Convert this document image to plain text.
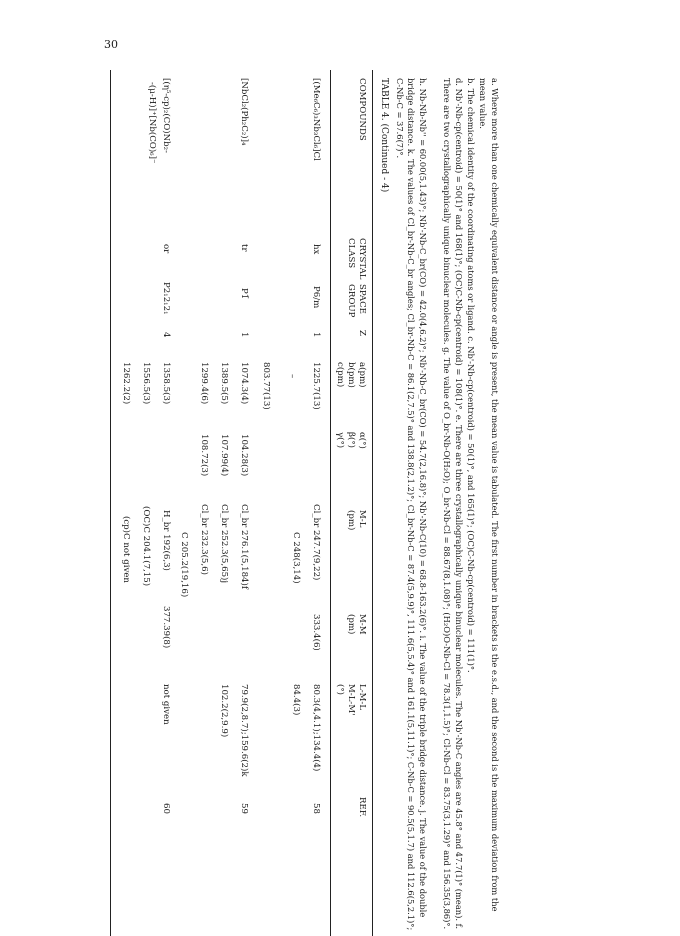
30
TABLE 4. (Continued - 4)
COMPOUNDS
CRYSTAL
CLASS
SPACE
GROUP
Z
a(pm)
b(pm)
c(pm)
α(°)
β(°)
γ(°)
M-L
(pm)
M-M
(pm)
L-M-L
M-L-M'
(°)
REF.
[(Me₆C₆)₃Nb₃Cl₆]Cl
hx
P6/m
1
1225.7(13)
–
803.77(13)
Cl_br 247.7(9,22)
C 248(3,14)
333.4(6)
80.3(4,4.1);134.4(4)
84.4(3)
58
[NbCl₂(Ph₂C₂)]₄
tr
P1̄
1
1074.3(4)
1389.5(5)
1299.4(6)
104.28(3)
107.99(4)
108.72(3)
Cl_br 276.1(5,184)f
Cl_br 252.3(5,65)j
Cl_br 232.3(5,6)
C 205.2(19,16)
79.9(2,8.7);159.6(2)k
102.2(2,9.9)
59
[(η⁵-cp)₂(CO)Nb₂-
-(μ-H)]⁺[Nb(CO)₆]⁻
or
P2₁2₁2₁
4
1358.5(3)
1556.5(3)
1262.2(2)
H_br 192(6,3)
(OC)C 204.1(7,15)
(cp)C not given
377.39(8)
not given
60	a. Where more than one chemically equivalent distance or angle is present, the mean value is tabulated. The first number in brackets is the e.s.d., and the second is the maximum deviation from the mean value.
b. The chemical identity of the coordinating atoms or ligand. c. Nb'-Nb-cp(centroid) = 50(1)°, and 165(1)°; (OC)C-Nb-cp(centroid) = 111(1)°.
d. Nb'-Nb-cp(centroid) = 50(1)° and 168(1)°; (OC)C-Nb-cp(centroid) = 108(1)°. e. There are three crystallographically unique binuclear molecules. The Nb'-Nb-C angles are 45.8° and 47.7(1)° (mean). f. There are two crystallographically unique binuclear molecules. g. The value of O_br-Nb-O(H₂O); O_br-Nb-Cl = 88.67(8,1.08)°; (H₂O)O-Nb-Cl = 78.3(1,1.5)°; Cl-Nb-Cl = 83.75(3,1.29)° and 156.35(3,86)°.
h. Nb-Nb-Nb'' = 60.00(5,1.43)°; Nb'-Nb-C_br(CO) = 42.0(4,6.2)°; Nb'-Nb-C_br(CO) = 54.7(2,16.8)°; Nb'-Nb-C(10) = 68.8-163.2(6)°. i. The value of the triple bridge distance. j. The value of the double bridge distance. k. The values of Cl_br-Nb-C_br angles; Cl_br-Nb-C = 86.1(2,7.5)° and 138.8(2,1.2)°; Cl_br-Nb-C = 87.4(5,9.9)°, 111.6(5,5.4)° and 161.1(5,11.1)°; C-Nb-C = 90.5(5,1.7) and 112.6(5,2.1)°; C-Nb-C = 37.6(7)°.
